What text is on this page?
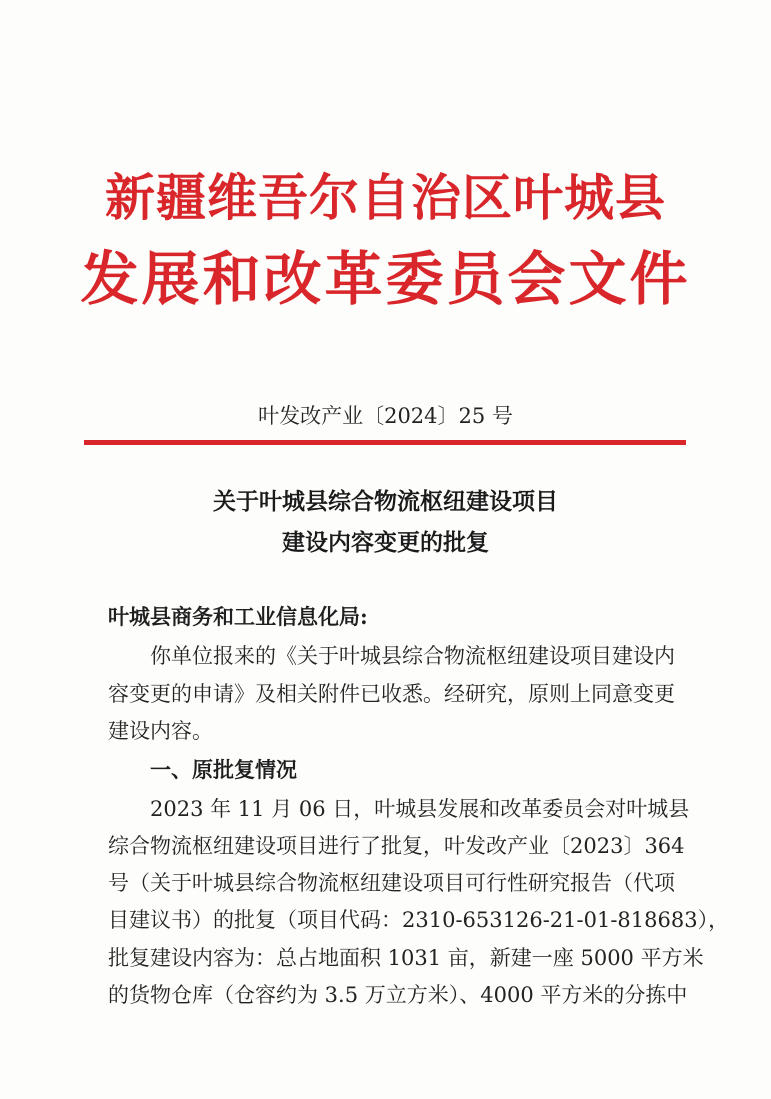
新疆维吾尔自治区叶城县
发展和改革委员会文件
叶发改产业〔2024〕25 号
关于叶城县综合物流枢纽建设项目
建设内容变更的批复
叶城县商务和工业信息化局:
你单位报来的《关于叶城县综合物流枢纽建设项目建设内
容变更的申请》及相关附件已收悉。经研究，原则上同意变更
建设内容。
一、原批复情况
2023 年 11 月 06 日，叶城县发展和改革委员会对叶城县
综合物流枢纽建设项目进行了批复，叶发改产业〔2023〕364
号（关于叶城县综合物流枢纽建设项目可行性研究报告（代项
目建议书）的批复（项目代码：2310-653126-21-01-818683），
批复建设内容为：总占地面积 1031 亩，新建一座 5000 平方米
的货物仓库（仓容约为 3.5 万立方米）、4000 平方米的分拣中
